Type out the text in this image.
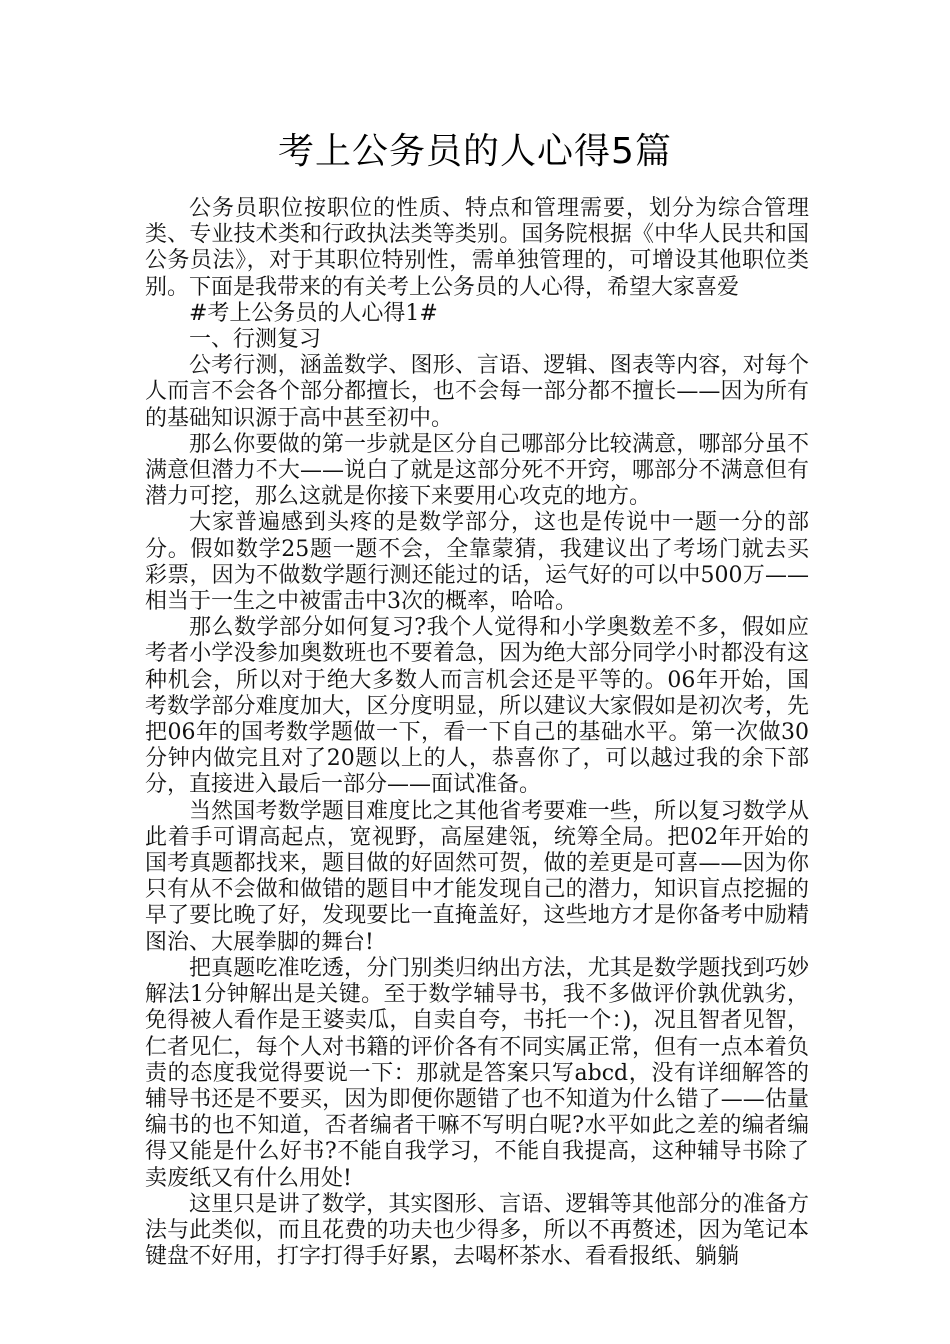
考上公务员的人心得5篇

公务员职位按职位的性质、特点和管理需要，划分为综合管理类、专业技术类和行政执法类等类别。国务院根据《中华人民共和国公务员法》，对于其职位特别性，需单独管理的，可增设其他职位类别。下面是我带来的有关考上公务员的人心得，希望大家喜爱

#考上公务员的人心得1#

一、行测复习

公考行测，涵盖数学、图形、言语、逻辑、图表等内容，对每个人而言不会各个部分都擅长，也不会每一部分都不擅长——因为所有的基础知识源于高中甚至初中。

那么你要做的第一步就是区分自己哪部分比较满意，哪部分虽不满意但潜力不大——说白了就是这部分死不开窍，哪部分不满意但有潜力可挖，那么这就是你接下来要用心攻克的地方。

大家普遍感到头疼的是数学部分，这也是传说中一题一分的部分。假如数学25题一题不会，全靠蒙猜，我建议出了考场门就去买彩票，因为不做数学题行测还能过的话，运气好的可以中500万——相当于一生之中被雷击中3次的概率，哈哈。

那么数学部分如何复习?我个人觉得和小学奥数差不多，假如应考者小学没参加奥数班也不要着急，因为绝大部分同学小时都没有这种机会，所以对于绝大多数人而言机会还是平等的。06年开始，国考数学部分难度加大，区分度明显，所以建议大家假如是初次考，先把06年的国考数学题做一下，看一下自己的基础水平。第一次做30分钟内做完且对了20题以上的人，恭喜你了，可以越过我的余下部分，直接进入最后一部分——面试准备。

当然国考数学题目难度比之其他省考要难一些，所以复习数学从此着手可谓高起点，宽视野，高屋建瓴，统筹全局。把02年开始的国考真题都找来，题目做的好固然可贺，做的差更是可喜——因为你只有从不会做和做错的题目中才能发现自己的潜力，知识盲点挖掘的早了要比晚了好，发现要比一直掩盖好，这些地方才是你备考中励精图治、大展拳脚的舞台!

把真题吃准吃透，分门别类归纳出方法，尤其是数学题找到巧妙解法1分钟解出是关键。至于数学辅导书，我不多做评价孰优孰劣，免得被人看作是王婆卖瓜，自卖自夸，书托一个：)，况且智者见智，仁者见仁，每个人对书籍的评价各有不同实属正常，但有一点本着负责的态度我觉得要说一下：那就是答案只写abcd，没有详细解答的辅导书还是不要买，因为即便你题错了也不知道为什么错了——估量编书的也不知道，否者编者干嘛不写明白呢?水平如此之差的编者编得又能是什么好书?不能自我学习，不能自我提高，这种辅导书除了卖废纸又有什么用处!

这里只是讲了数学，其实图形、言语、逻辑等其他部分的准备方法与此类似，而且花费的功夫也少得多，所以不再赘述，因为笔记本键盘不好用，打字打得手好累，去喝杯茶水、看看报纸、躺躺
